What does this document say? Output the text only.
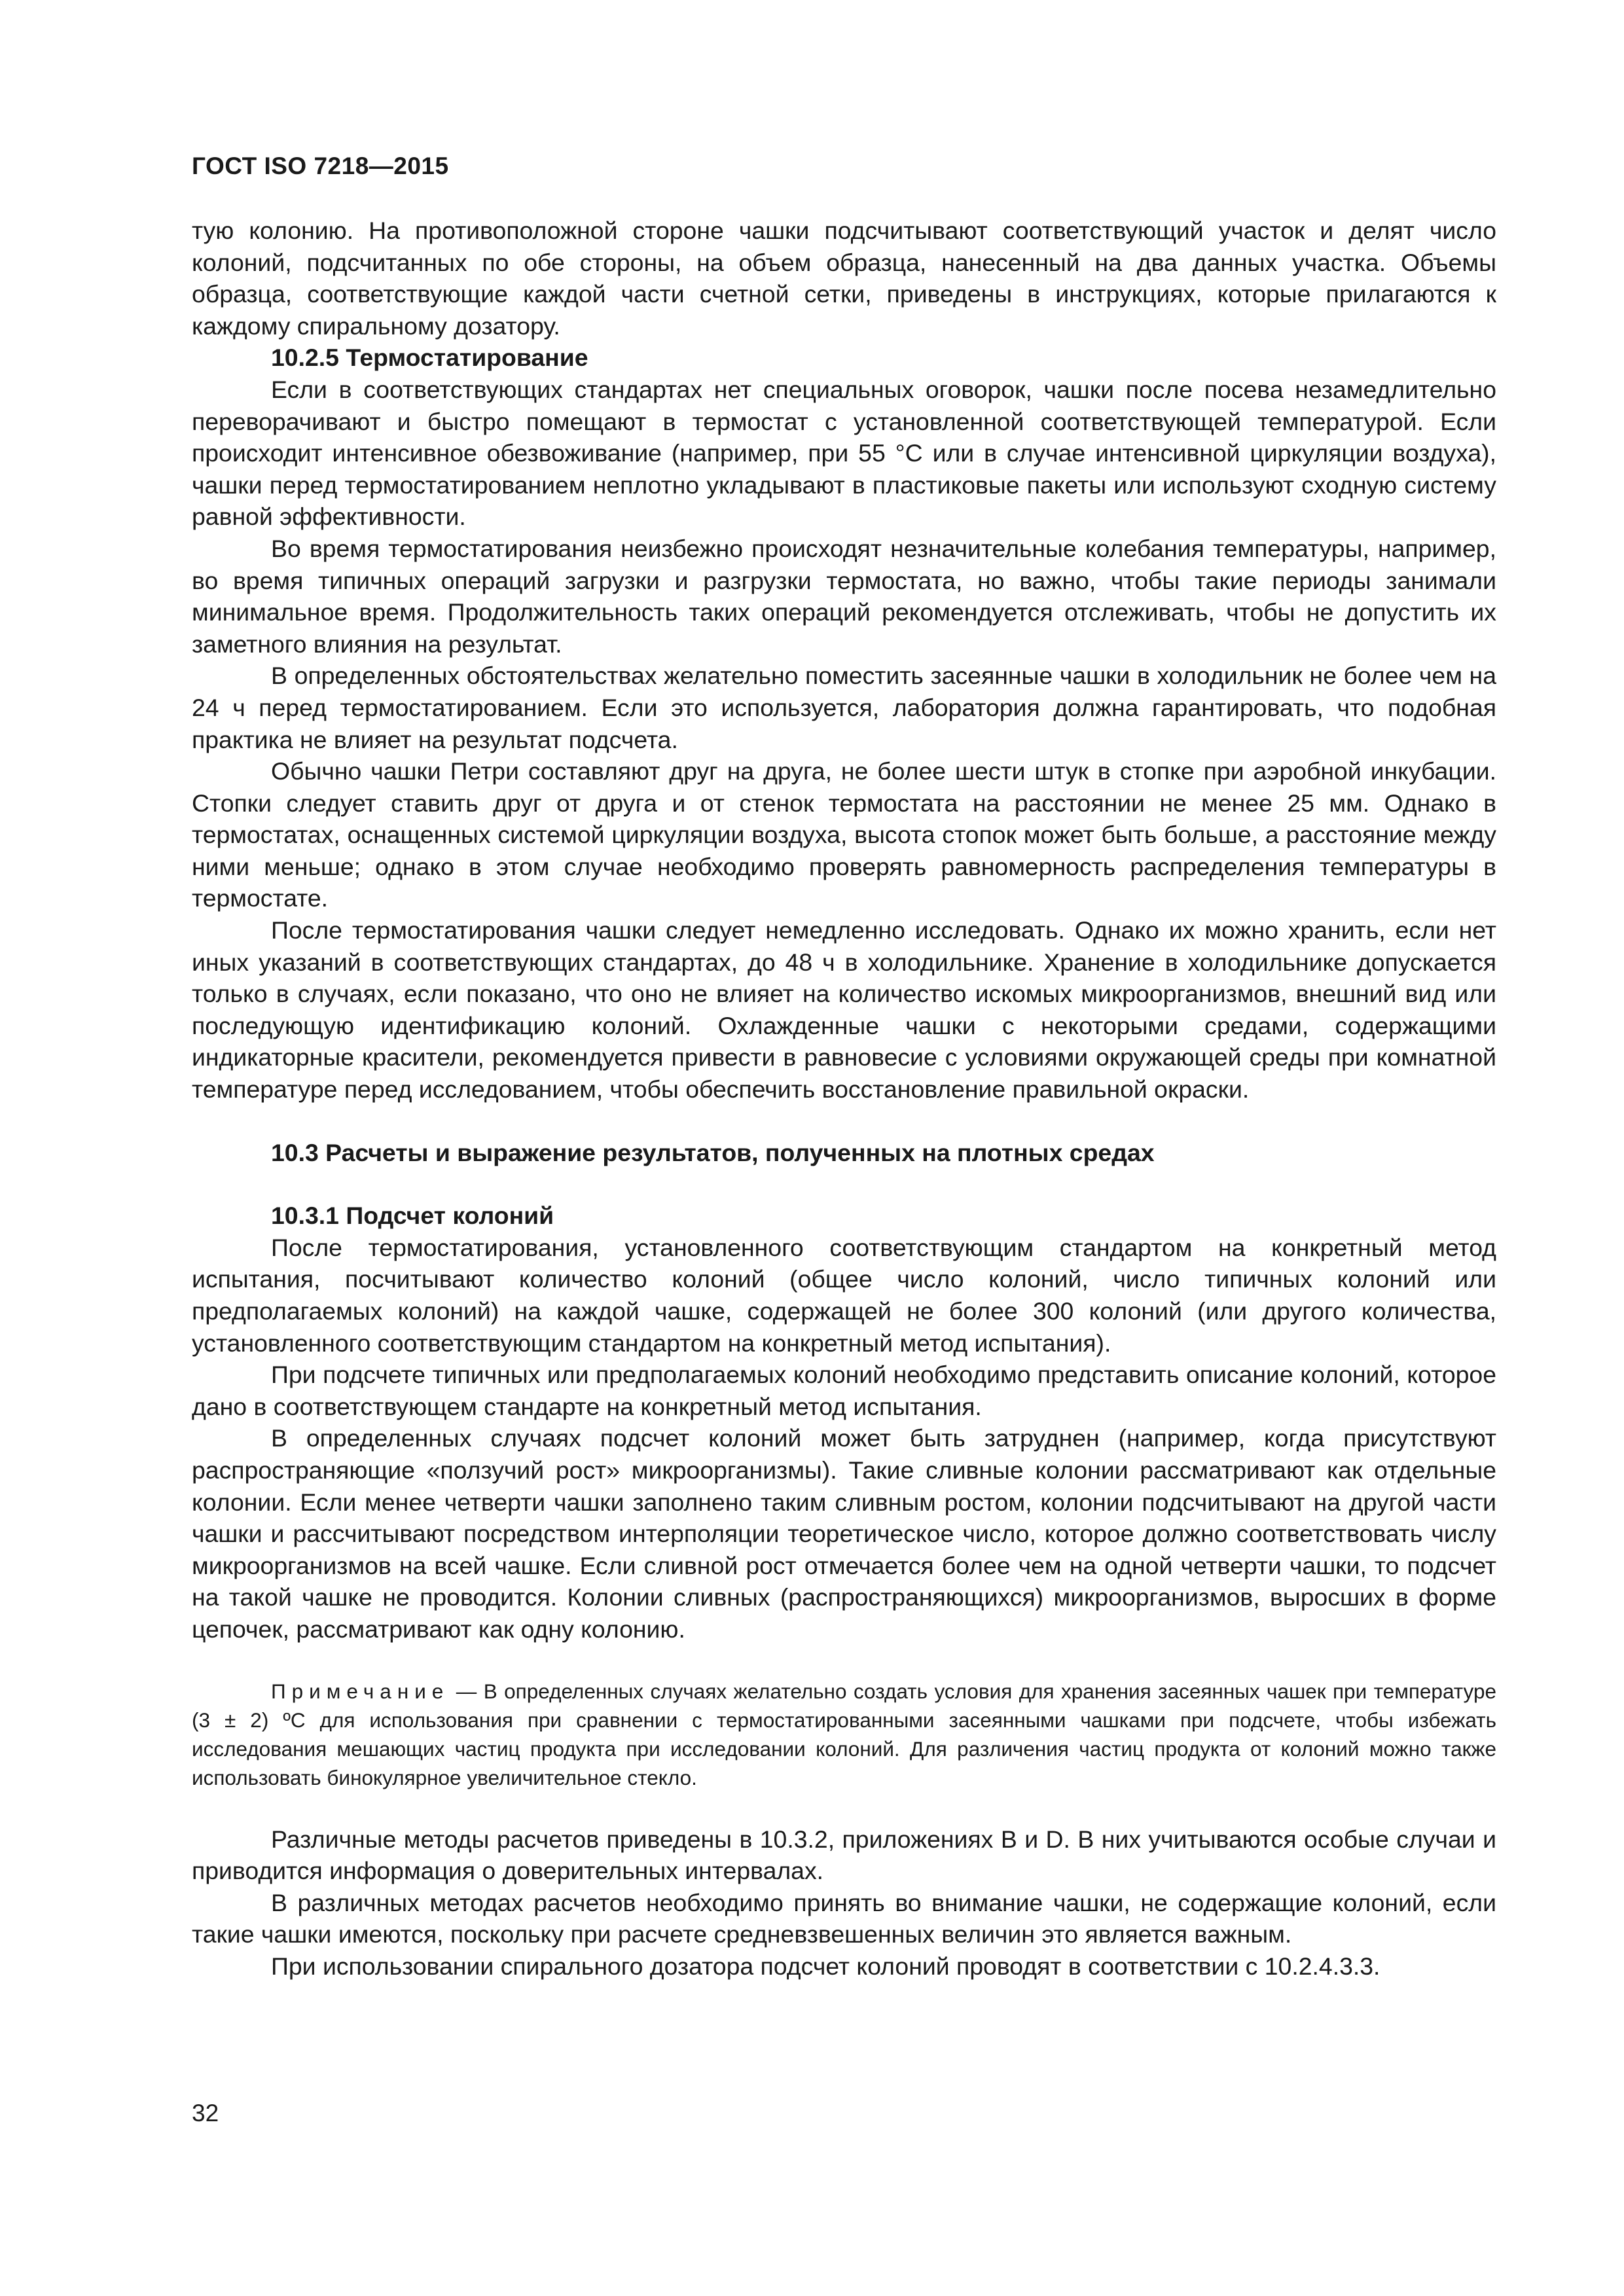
ГОСТ ISO 7218—2015

тую колонию. На противоположной стороне чашки подсчитывают соответствующий участок и делят число колоний, подсчитанных по обе стороны, на объем образца, нанесенный на два данных участка. Объемы образца, соответствующие каждой части счетной сетки, приведены в инструкциях, которые прилагаются к каждому спиральному дозатору.

10.2.5 Термостатирование

Если в соответствующих стандартах нет специальных оговорок, чашки после посева незамедлительно переворачивают и быстро помещают в термостат с установленной соответствующей температурой. Если происходит интенсивное обезвоживание (например, при 55 °С или в случае интенсивной циркуляции воздуха), чашки перед термостатированием неплотно укладывают в пластиковые пакеты или используют сходную систему равной эффективности.

Во время термостатирования неизбежно происходят незначительные колебания температуры, например, во время типичных операций загрузки и разгрузки термостата, но важно, чтобы такие периоды занимали минимальное время. Продолжительность таких операций рекомендуется отслеживать, чтобы не допустить их заметного влияния на результат.

В определенных обстоятельствах желательно поместить засеянные чашки в холодильник не более чем на 24 ч перед термостатированием. Если это используется, лаборатория должна гарантировать, что подобная практика не влияет на результат подсчета.

Обычно чашки Петри составляют друг на друга, не более шести штук в стопке при аэробной инкубации. Стопки следует ставить друг от друга и от стенок термостата на расстоянии не менее 25 мм. Однако в термостатах, оснащенных системой циркуляции воздуха, высота стопок может быть больше, а расстояние между ними меньше; однако в этом случае необходимо проверять равномерность распределения температуры в термостате.

После термостатирования чашки следует немедленно исследовать. Однако их можно хранить, если нет иных указаний в соответствующих стандартах, до 48 ч в холодильнике. Хранение в холодильнике допускается только в случаях, если показано, что оно не влияет на количество искомых микроорганизмов, внешний вид или последующую идентификацию колоний. Охлажденные чашки с некоторыми средами, содержащими индикаторные красители, рекомендуется привести в равновесие с условиями окружающей среды при комнатной температуре перед исследованием, чтобы обеспечить восстановление правильной окраски.

10.3 Расчеты и выражение результатов, полученных на плотных средах
10.3.1 Подсчет колоний

После термостатирования, установленного соответствующим стандартом на конкретный метод испытания, посчитывают количество колоний (общее число колоний, число типичных колоний или предполагаемых колоний) на каждой чашке, содержащей не более 300 колоний (или другого количества, установленного соответствующим стандартом на конкретный метод испытания).

При подсчете типичных или предполагаемых колоний необходимо представить описание колоний, которое дано в соответствующем стандарте на конкретный метод испытания.

В определенных случаях подсчет колоний может быть затруднен (например, когда присутствуют распространяющие «ползучий рост» микроорганизмы). Такие сливные колонии рассматривают как отдельные колонии. Если менее четверти чашки заполнено таким сливным ростом, колонии подсчитывают на другой части чашки и рассчитывают посредством интерполяции теоретическое число, которое должно соответствовать числу микроорганизмов на всей чашке. Если сливной рост отмечается более чем на одной четверти чашки, то подсчет на такой чашке не проводится. Колонии сливных (распространяющихся) микроорганизмов, выросших в форме цепочек, рассматривают как одну колонию.

Примечание — В определенных случаях желательно создать условия для хранения засеянных чашек при температуре (3 ± 2) ºС для использования при сравнении с термостатированными засеянными чашками при подсчете, чтобы избежать исследования мешающих частиц продукта при исследовании колоний. Для различения частиц продукта от колоний можно также использовать бинокулярное увеличительное стекло.

Различные методы расчетов приведены в 10.3.2, приложениях В и D. В них учитываются особые случаи и приводится информация о доверительных интервалах.

В различных методах расчетов необходимо принять во внимание чашки, не содержащие колоний, если такие чашки имеются, поскольку при расчете средневзвешенных величин это является важным.

При использовании спирального дозатора подсчет колоний проводят в соответствии с 10.2.4.3.3.

32
